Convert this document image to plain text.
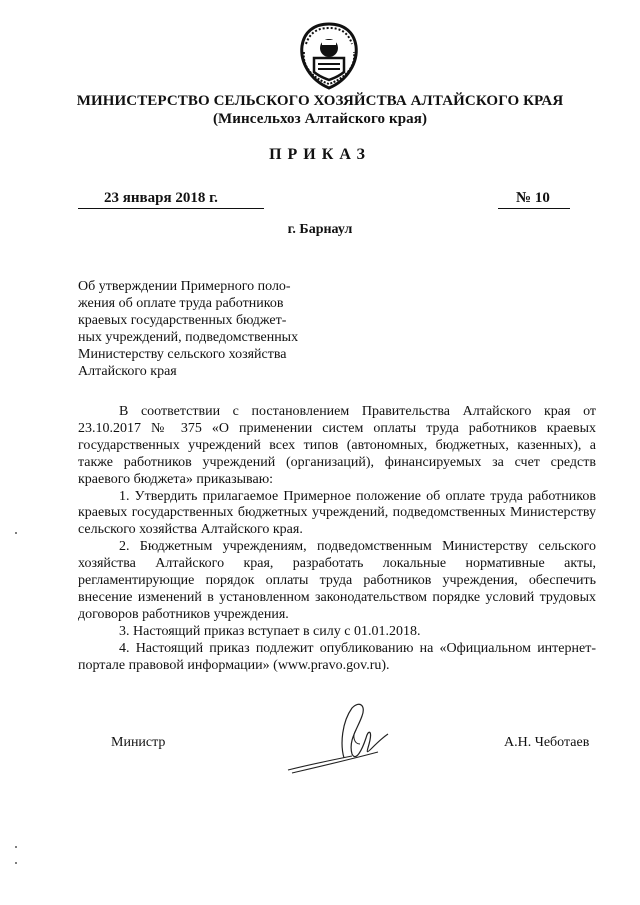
МИНИСТЕРСТВО СЕЛЬСКОГО ХОЗЯЙСТВА АЛТАЙСКОГО КРАЯ
(Минсельхоз Алтайского края)
ПРИКАЗ
23 января 2018 г.	№ 10
г. Барнаул
Об утверждении Примерного поло-
жения об оплате труда работников
краевых государственных бюджет-
ных учреждений, подведомственных
Министерству сельского хозяйства
Алтайского края

В соответствии с постановлением Правительства Алтайского края от 23.10.2017 № 375 «О применении систем оплаты труда работников краевых государственных учреждений всех типов (автономных, бюджетных, казенных), а также работников учреждений (организаций), финансируемых за счет средств краевого бюджета» приказываю:

1. Утвердить прилагаемое Примерное положение об оплате труда работников краевых государственных бюджетных учреждений, подведомственных Министерству сельского хозяйства Алтайского края.

2. Бюджетным учреждениям, подведомственным Министерству сельского хозяйства Алтайского края, разработать локальные нормативные акты, регламентирующие порядок оплаты труда работников учреждения, обеспечить внесение изменений в установленном законодательством порядке условий трудовых договоров работников учреждения.

3. Настоящий приказ вступает в силу с 01.01.2018.

4. Настоящий приказ подлежит опубликованию на «Официальном интернет-портале правовой информации» (www.pravo.gov.ru).

Министр	А.Н. Чеботаев
